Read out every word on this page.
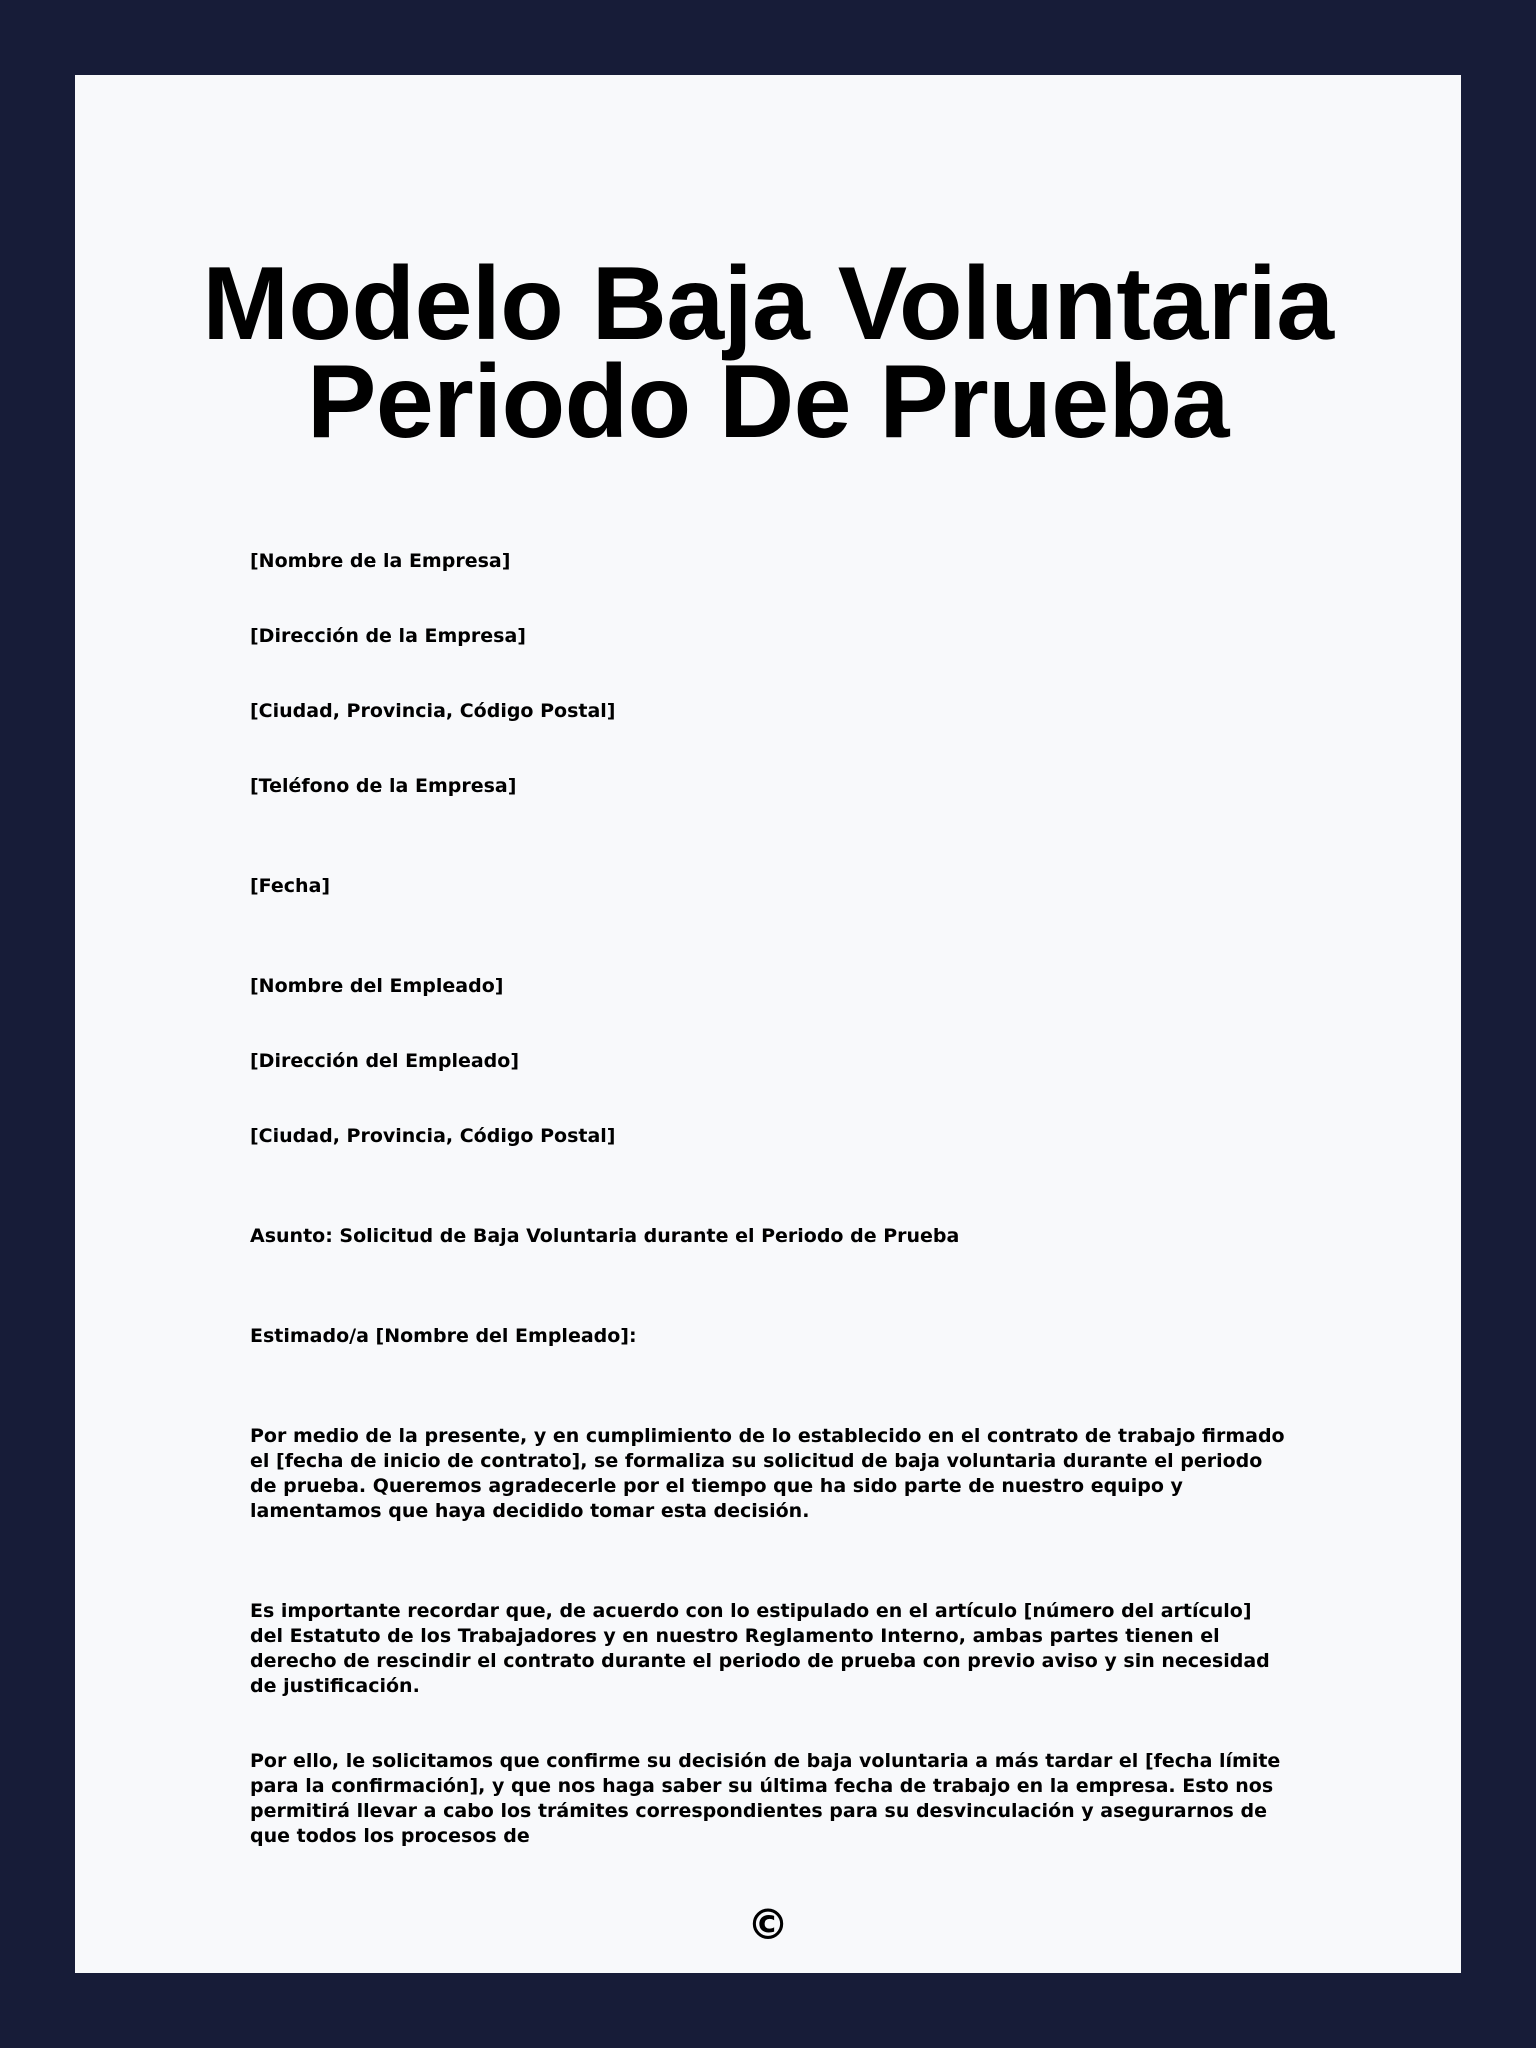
Modelo Baja Voluntaria
Periodo De Prueba

[Nombre de la Empresa]

[Dirección de la Empresa]

[Ciudad, Provincia, Código Postal]

[Teléfono de la Empresa]

[Fecha]

[Nombre del Empleado]

[Dirección del Empleado]

[Ciudad, Provincia, Código Postal]

Asunto: Solicitud de Baja Voluntaria durante el Periodo de Prueba

Estimado/a [Nombre del Empleado]:

Por medio de la presente, y en cumplimiento de lo establecido en el contrato de trabajo firmado el [fecha de inicio de contrato], se formaliza su solicitud de baja voluntaria durante el periodo de prueba. Queremos agradecerle por el tiempo que ha sido parte de nuestro equipo y lamentamos que haya decidido tomar esta decisión.

Es importante recordar que, de acuerdo con lo estipulado en el artículo [número del artículo] del Estatuto de los Trabajadores y en nuestro Reglamento Interno, ambas partes tienen el derecho de rescindir el contrato durante el periodo de prueba con previo aviso y sin necesidad de justificación.

Por ello, le solicitamos que confirme su decisión de baja voluntaria a más tardar el [fecha límite para la confirmación], y que nos haga saber su última fecha de trabajo en la empresa. Esto nos permitirá llevar a cabo los trámites correspondientes para su desvinculación y asegurarnos de que todos los procesos de

©
